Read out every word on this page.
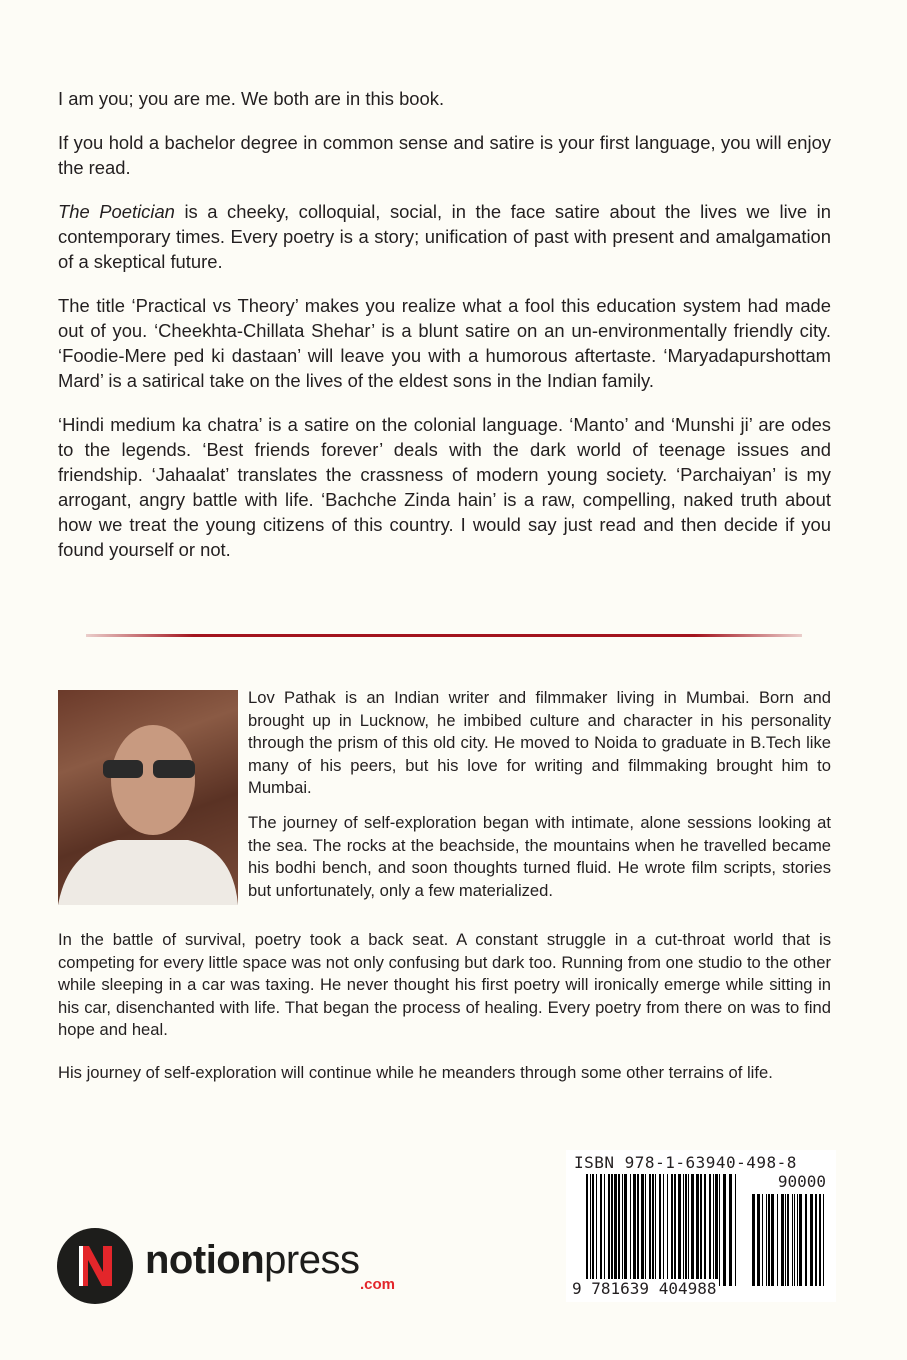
I am you; you are me. We both are in this book.

If you hold a bachelor degree in common sense and satire is your first language, you will enjoy the read.

The Poetician is a cheeky, colloquial, social, in the face satire about the lives we live in contemporary times. Every poetry is a story; unification of past with present and amalgamation of a skeptical future.

The title ‘Practical vs Theory’ makes you realize what a fool this education system had made out of you. ‘Cheekhta-Chillata Shehar’ is a blunt satire on an un-environmentally friendly city. ‘Foodie-Mere ped ki dastaan’ will leave you with a humorous aftertaste. ‘Maryadapurshottam Mard’ is a satirical take on the lives of the eldest sons in the Indian family.

‘Hindi medium ka chatra’ is a satire on the colonial language. ‘Manto’ and ‘Munshi ji’ are odes to the legends. ‘Best friends forever’ deals with the dark world of teenage issues and friendship. ‘Jahaalat’ translates the crassness of modern young society. ‘Parchaiyan’ is my arrogant, angry battle with life. ‘Bachche Zinda hain’ is a raw, compelling, naked truth about how we treat the young citizens of this country. I would say just read and then decide if you found yourself or not.

Lov Pathak is an Indian writer and filmmaker living in Mumbai. Born and brought up in Lucknow, he imbibed culture and character in his personality through the prism of this old city. He moved to Noida to graduate in B.Tech like many of his peers, but his love for writing and filmmaking brought him to Mumbai.

The journey of self-exploration began with intimate, alone sessions looking at the sea. The rocks at the beachside, the mountains when he travelled became his bodhi bench, and soon thoughts turned fluid. He wrote film scripts, stories but unfortunately, only a few materialized.

In the battle of survival, poetry took a back seat. A constant struggle in a cut-throat world that is competing for every little space was not only confusing but dark too. Running from one studio to the other while sleeping in a car was taxing. He never thought his first poetry will ironically emerge while sitting in his car, disenchanted with life. That began the process of healing. Every poetry from there on was to find hope and heal.

His journey of self-exploration will continue while he meanders through some other terrains of life.

ISBN 978-1-63940-498-8
90000
9 781639 404988
notionpress
.com
